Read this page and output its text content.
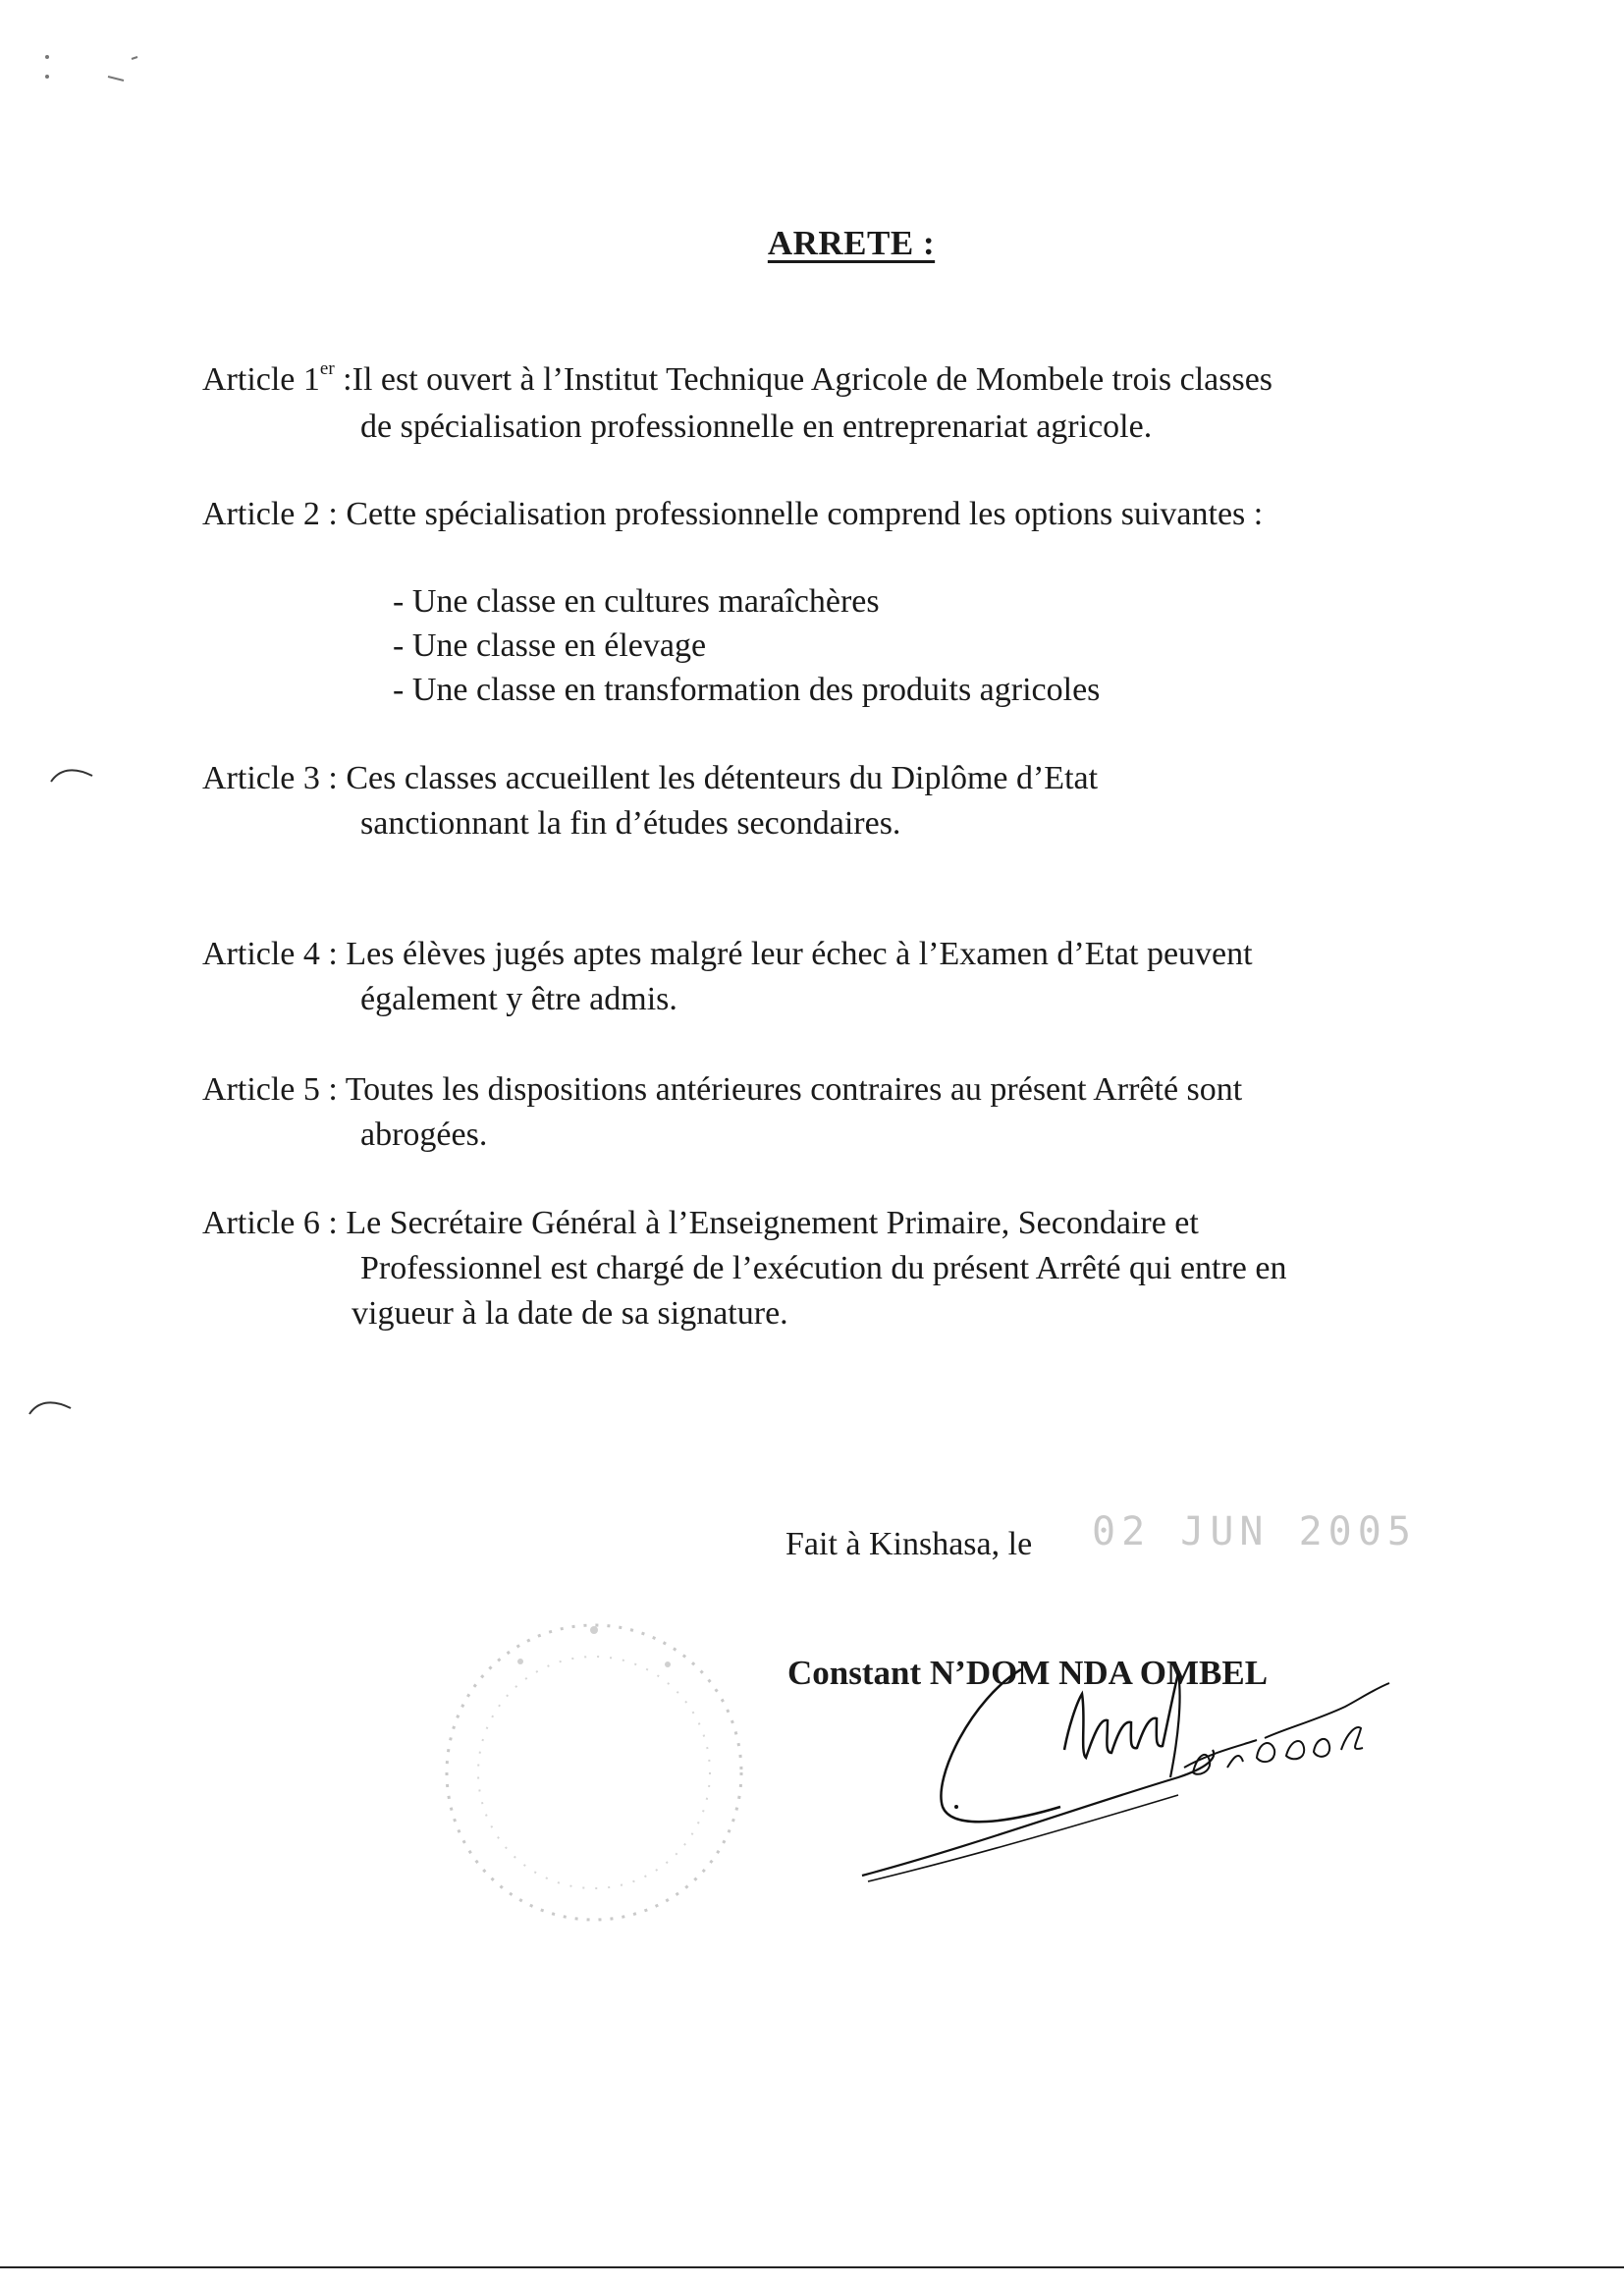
ARRETE :
Article 1er :Il est ouvert à l’Institut Technique Agricole de Mombele trois classes
de spécialisation professionnelle en entreprenariat agricole.
Article 2 : Cette spécialisation professionnelle comprend les options suivantes :
- Une classe en cultures maraîchères
- Une classe en élevage
- Une classe en transformation des produits agricoles
Article 3 : Ces classes accueillent les détenteurs du Diplôme d’Etat
sanctionnant la fin d’études secondaires.
Article 4 : Les élèves jugés aptes malgré leur échec à l’Examen d’Etat peuvent
également y être admis.
Article 5 : Toutes les dispositions antérieures contraires au présent Arrêté sont
abrogées.
Article 6 : Le Secrétaire Général à l’Enseignement Primaire, Secondaire et
Professionnel est chargé de l’exécution du présent Arrêté qui entre en
vigueur à la date de sa signature.
Fait à Kinshasa, le 02 JUN 2005
Constant N’DOM NDA OMBEL
